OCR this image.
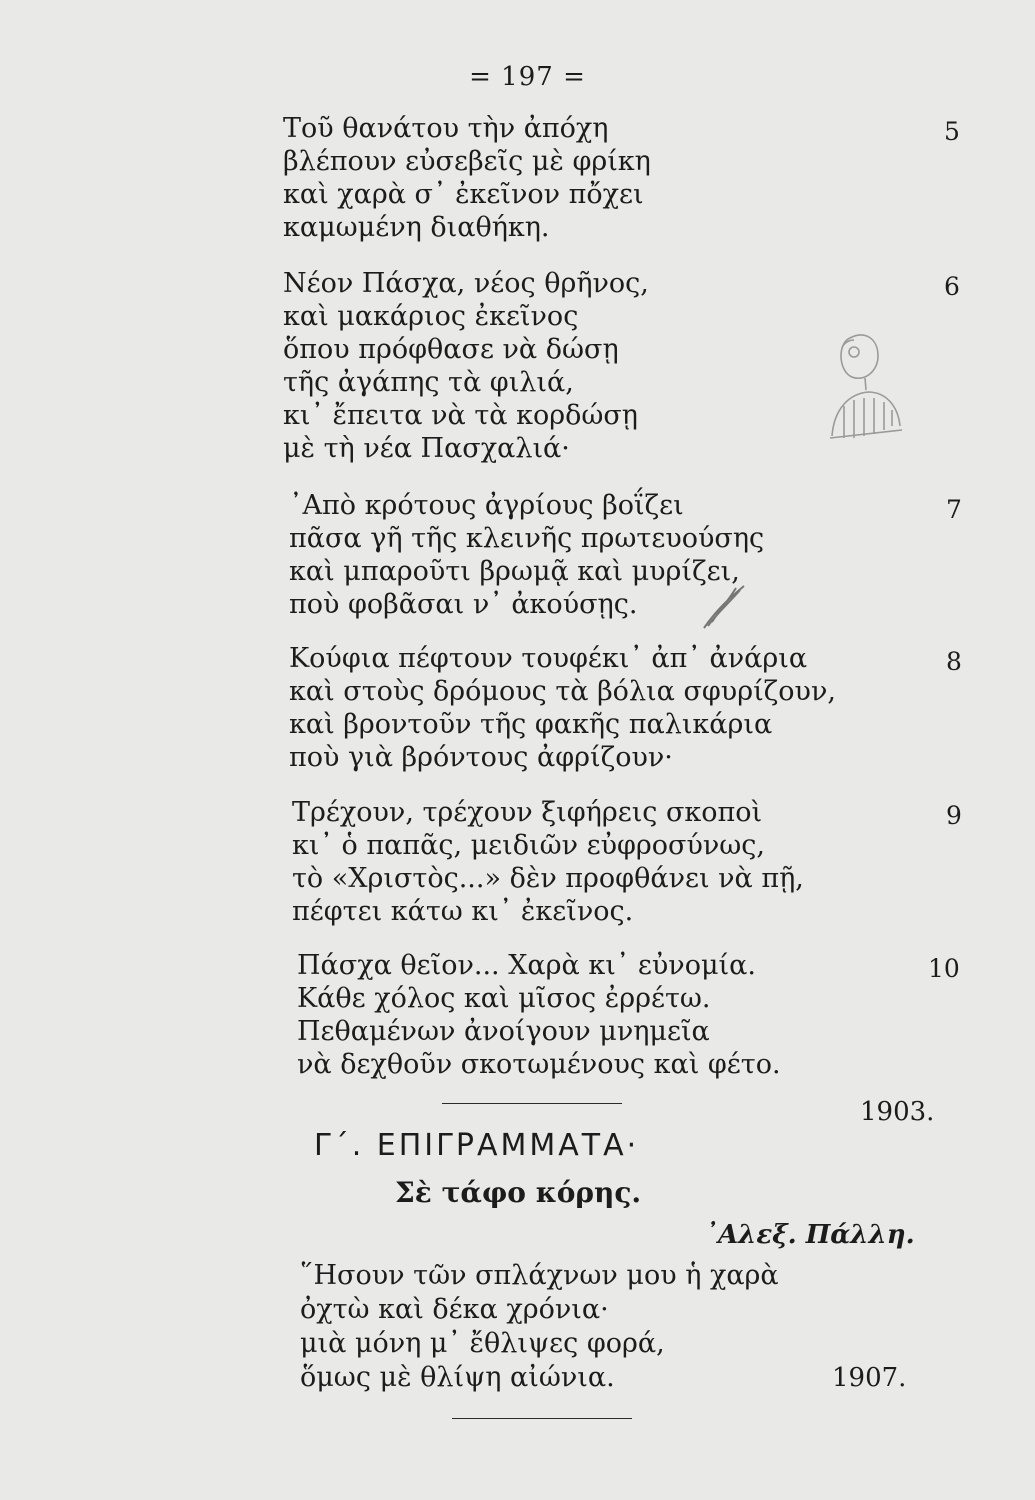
= 197 =
Τοῦ θανάτου τὴν ἀπόχη
βλέπουν εὐσεβεῖς μὲ φρίκη
καὶ χαρὰ σ᾽ ἐκεῖνον πὄχει
καμωμένη διαθήκη.
5
Νέον Πάσχα, νέος θρῆνος,
καὶ μακάριος ἐκεῖνος
ὅπου πρόφθασε νὰ δώσῃ
τῆς ἀγάπης τὰ φιλιά,
κι᾽ ἔπειτα νὰ τὰ κορδώσῃ
μὲ τὴ νέα Πασχαλιά·
6
᾽Απὸ κρότους ἀγρίους βοΐζει
πᾶσα γῆ τῆς κλεινῆς πρωτευούσης
καὶ μπαροῦτι βρωμᾷ καὶ μυρίζει,
ποὺ φοβᾶσαι ν᾽ ἀκούσῃς.
7
Κούφια πέφτουν τουφέκι᾽ ἀπ᾽ ἀνάρια
καὶ στοὺς δρόμους τὰ βόλια σφυρίζουν,
καὶ βροντοῦν τῆς φακῆς παλικάρια
ποὺ γιὰ βρόντους ἀφρίζουν·
8
Τρέχουν, τρέχουν ξιφήρεις σκοποὶ
κι᾽ ὁ παπᾶς, μειδιῶν εὐφροσύνως,
τὸ «Χριστὸς...» δὲν προφθάνει νὰ πῇ,
πέφτει κάτω κι᾽ ἐκεῖνος.
9
Πάσχα θεῖον... Χαρὰ κι᾽ εὐνομία.
Κάθε χόλος καὶ μῖσος ἐρρέτω.
Πεθαμένων ἀνοίγουν μνημεῖα
νὰ δεχθοῦν σκοτωμένους καὶ φέτο.
10
1903.
Γ΄. ΕΠΙΓΡΑΜΜΑΤΑ·
Σὲ τάφο κόρης.
᾽Αλεξ. Πάλλη.
῞Ησουν τῶν σπλάχνων μου ἡ χαρὰ
ὀχτὼ καὶ δέκα χρόνια·
μιὰ μόνη μ᾽ ἔθλιψες φορά,
ὅμως μὲ θλίψη αἰώνια.	1907.
